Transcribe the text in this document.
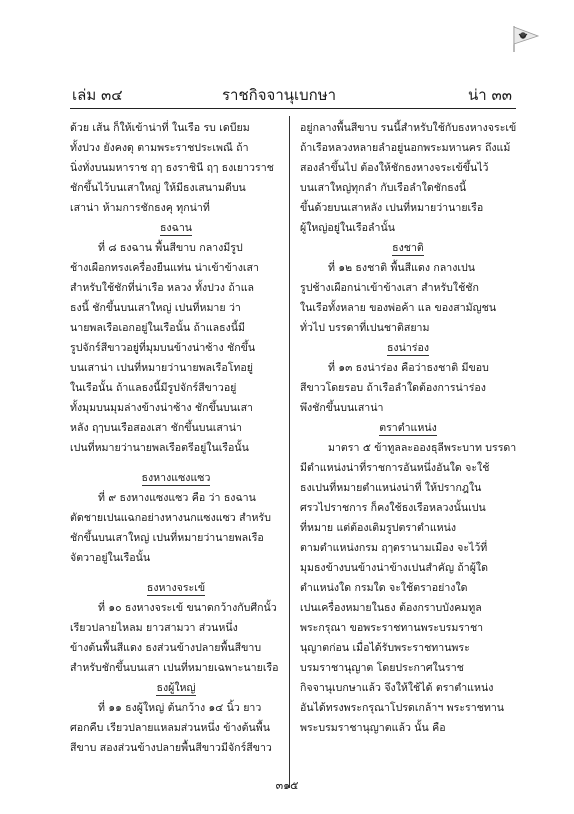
เล่ม ๓๔	ราชกิจจานุเบกษา	น่า ๓๓
ด้วย เส้น ก็ให้เข้าน่าที่ ในเรือ รบ เดบียม
ทั้งปวง ยังคงดุ ตามพระราชประเพณี ถ้า
นิ่งทั่งบนมหาราช ฤๅ ธงราชินี ฤๅ ธงเยาวราช
ชักขึ้นไว้บนเสาใหญ่ ให้มีธงเสนามดีบน
เสาน่า ห้ามการชักธงคุ ทุกน่าที่
ธงฉาน
ที่ ๘ ธงฉาน พื้นสีขาบ กลางมีรูป
ช้างเผือกทรงเครื่องยืนแท่น น่าเข้าข้างเสา
สำหรับใช้ชักที่น่าเรือ หลวง ทั้งปวง ถ้าแล
ธงนี้ ชักขึ้นบนเสาใหญ่ เปนที่หมาย ว่า
นายพลเรือเอกอยู่ในเรือนั้น ถ้าแลธงนี้มี
รูปจักร์สีขาวอยู่ที่มุมบนข้างน่าซ้าง ชักขึ้น
บนเสาน่า เปนที่หมายว่านายพลเรือโทอยู่
ในเรือนั้น ถ้าแลธงนี้มีรูปจักร์สีขาวอยู่
ทั้งมุมบนมุมล่างข้างน่าซ้าง ชักขึ้นบนเสา
หลัง ฤๅบนเรือสองเสา ชักขึ้นบนเสาน่า
เปนที่หมายว่านายพลเรือตรีอยู่ในเรือนั้น
ธงหางแซงแซว
ที่ ๙ ธงหางแซงแซว คือ ว่า ธงฉาน
ตัดชายเปนแฉกอย่างหางนกแซงแซว สำหรับ
ชักขึ้นบนเสาใหญ่ เปนที่หมายว่านายพลเรือ
จัตวาอยู่ในเรือนั้น
ธงหางจระเข้
ที่ ๑๐ ธงหางจระเข้ ขนาดกว้างกับศีกนั้ว
เรียวปลายไหลม ยาวสามวา ส่วนหนึ่ง
ข้างต้นพื้นสีแดง ธงส่วนข้างปลายพื้นสีขาบ
สำหรับชักขึ้นบนเสา เปนที่หมายเฉพาะนายเรือ
ธงผู้ใหญ่
ที่ ๑๑ ธงผู้ใหญ่ ต้นกว้าง ๑๔ นิ้ว ยาว
ศอกคืบ เรียวปลายแหลมส่วนหนึ่ง ข้างต้นพื้น
สีขาบ สองส่วนข้างปลายพื้นสีขาวมีจักร์สีขาว
อยู่กลางพื้นสีขาบ รนนี้สำหรับใช้กับธงหางจระเข้
ถ้าเรือหลวงหลายลำอยู่นอกพระมหานคร ถึงแม้
สองลำขึ้นไป ต้องให้ชักธงหางจระเข้ขึ้นไว้
บนเสาใหญ่ทุกลำ กับเรือลำใดชักธงนี้
ขึ้นด้วยบนเสาหลัง เปนที่หมายว่านายเรือ
ผู้ใหญ่อยู่ในเรือลำนั้น
ธงชาติ
ที่ ๑๒ ธงชาติ พื้นสีแดง กลางเปน
รูปช้างเผือกน่าเข้าข้างเสา สำหรับใช้ชัก
ในเรือทั้งหลาย ของพ่อค้า แล ของสามัญชน
ทั่วไป บรรดาที่เปนชาติสยาม
ธงน่าร่อง
ที่ ๑๓ ธงน่าร่อง คือว่าธงชาติ มีขอบ
สีขาวโดยรอบ ถ้าเรือลำใดต้องการน่าร่อง
พึงชักขึ้นบนเสาน่า
ตราตำแหน่ง
มาตรา ๕ ข้าทูลละอองธุลีพระบาท บรรดา
มีตำแหน่งน่าที่ราชการอันหนึ่งอันใด จะใช้
ธงเปนที่หมายตำแหน่งน่าที่ ให้ปรากฎใน
ศรวไปราชการ ก็คงใช้ธงเรือหลวงนั้นเปน
ที่หมาย แต่ต้องเติมรูปตราตำแหน่ง
ตามตำแหน่งกรม ฤๅตรานามเมือง จะไว้ที่
มุมธงข้างบนข้างน่าข้างเปนสำคัญ ถ้าผู้ใด
ตำแหน่งใด กรมใด จะใช้ตราอย่างใด
เปนเครื่องหมายในธง ต้องกราบบังคมทูล
พระกรุณา ขอพระราชทานพระบรมราชา
นุญาตก่อน เมื่อได้รับพระราชทานพระ
บรมราชานุญาต โดยประกาศในราช
กิจจานุเบกษาแล้ว จึงให้ใช้ได้ ตราตำแหน่ง
อันได้ทรงพระกรุณาโปรดเกล้าฯ พระราชทาน
พระบรมราชานุญาตแล้ว นั้น คือ
๓๑๕
